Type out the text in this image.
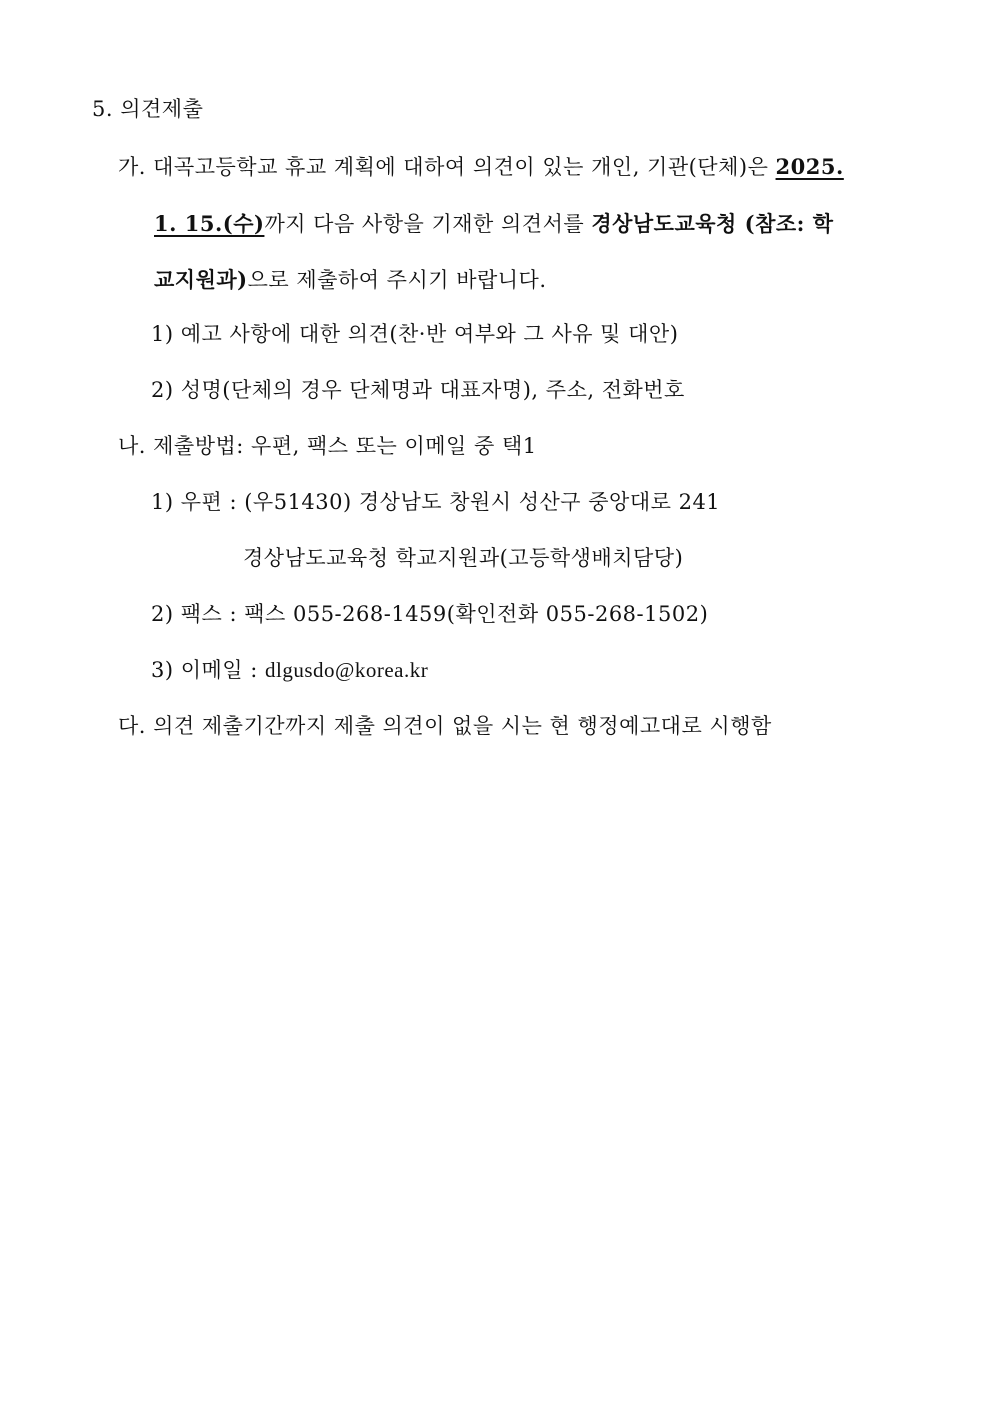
5. 의견제출
가. 대곡고등학교 휴교 계획에 대하여 의견이 있는 개인, 기관(단체)은 2025.
1. 15.(수)까지 다음 사항을 기재한 의견서를 경상남도교육청 (참조: 학
교지원과)으로 제출하여 주시기 바랍니다.
1) 예고 사항에 대한 의견(찬·반 여부와 그 사유 및 대안)
2) 성명(단체의 경우 단체명과 대표자명), 주소, 전화번호
나. 제출방법: 우편, 팩스 또는 이메일 중 택1
1) 우편 : (우51430) 경상남도 창원시 성산구 중앙대로 241
경상남도교육청 학교지원과(고등학생배치담당)
2) 팩스 : 팩스 055-268-1459(확인전화 055-268-1502)
3) 이메일 : dlgusdo@korea.kr
다. 의견 제출기간까지 제출 의견이 없을 시는 현 행정예고대로 시행함
